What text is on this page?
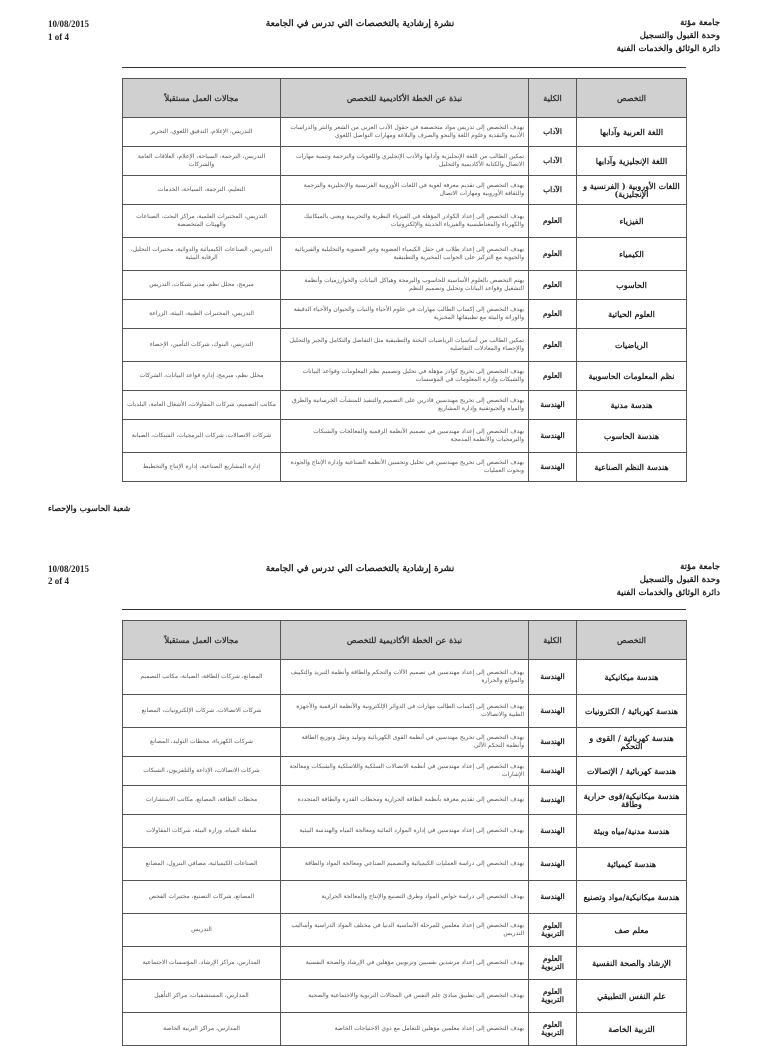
10/08/2015
1 of 4
نشرة إرشادية بالتخصصات التي تدرس في الجامعة	جامعة مؤتة
وحدة القبول والتسجيل
دائرة الوثائق والخدمات الفنية
التخصص	الكلية	نبذة عن الخطة الأكاديمية للتخصص	مجالات العمل مستقبلاً
اللغة العربية وآدابها	الآداب	يهدف التخصص إلى تدريس مواد متخصصة في حقول الأدب العربي من الشعر والنثر والدراسات الأدبية والنقدية وعلوم اللغة والنحو والصرف والبلاغة ومهارات التواصل اللغوي	التدريس، الإعلام، التدقيق اللغوي، التحرير
اللغة الإنجليزية وآدابها	الآداب	تمكين الطالب من اللغة الإنجليزية وآدابها والأدب الإنجليزي واللغويات والترجمة وتنمية مهارات الاتصال والكتابة الأكاديمية والتحليل	التدريس، الترجمة، السياحة، الإعلام، العلاقات العامة والشركات
اللغات الأوروبية ( الفرنسية و الإنجليزية)	الآداب	يهدف التخصص إلى تقديم معرفة لغوية في اللغات الأوروبية الفرنسية والإنجليزية والترجمة والثقافة الأوروبية ومهارات الاتصال	التعليم، الترجمة، السياحة، الخدمات
الفيزياء	العلوم	يهدف التخصص إلى إعداد الكوادر المؤهلة في الفيزياء النظرية والتجريبية ويعنى بالميكانيك والكهرباء والمغناطيسية والفيزياء الحديثة والإلكترونيات	التدريس، المختبرات العلمية، مراكز البحث، الصناعات والهيئات المتخصصة
الكيمياء	العلوم	يهدف التخصص إلى إعداد طلاب في حقل الكيمياء العضوية وغير العضوية والتحليلية والفيزيائية والحيوية مع التركيز على الجوانب المخبرية والتطبيقية	التدريس، الصناعات الكيميائية والدوائية، مختبرات التحليل، الرقابة البيئية
الحاسوب	العلوم	يهتم التخصص بالعلوم الأساسية للحاسوب والبرمجة وهياكل البيانات والخوارزميات وأنظمة التشغيل وقواعد البيانات وتحليل وتصميم النظم	مبرمج، محلل نظم، مدير شبكات، التدريس
العلوم الحياتية	العلوم	يهدف التخصص إلى إكساب الطالب مهارات في علوم الأحياء والنبات والحيوان والأحياء الدقيقة والوراثة والبيئة مع تطبيقاتها المخبرية	التدريس، المختبرات الطبية، البيئة، الزراعة
الرياضيات	العلوم	تمكين الطالب من أساسيات الرياضيات البحتة والتطبيقية مثل التفاضل والتكامل والجبر والتحليل والإحصاء والمعادلات التفاضلية	التدريس، البنوك، شركات التأمين، الإحصاء
نظم المعلومات الحاسوبية	العلوم	يهدف التخصص إلى تخريج كوادر مؤهلة في تحليل وتصميم نظم المعلومات وقواعد البيانات والشبكات وإدارة المعلومات في المؤسسات	محلل نظم، مبرمج، إدارة قواعد البيانات، الشركات
هندسة مدنية	الهندسة	يهدف التخصص إلى تخريج مهندسين قادرين على التصميم والتنفيذ للمنشآت الخرسانية والطرق والمياه والجيوتقنية وإدارة المشاريع	مكاتب التصميم، شركات المقاولات، الأشغال العامة، البلديات
هندسة الحاسوب	الهندسة	يهدف التخصص إلى إعداد مهندسين في تصميم الأنظمة الرقمية والمعالجات والشبكات والبرمجيات والأنظمة المدمجة	شركات الاتصالات، شركات البرمجيات، الشبكات، الصيانة
هندسة النظم الصناعية	الهندسة	يهدف التخصص إلى تخريج مهندسين في تحليل وتحسين الأنظمة الصناعية وإدارة الإنتاج والجودة وبحوث العمليات	إدارة المشاريع الصناعية، إدارة الإنتاج والتخطيط
شعبة الحاسوب والإحصاء
10/08/2015
2 of 4
نشرة إرشادية بالتخصصات التي تدرس في الجامعة	جامعة مؤتة
وحدة القبول والتسجيل
دائرة الوثائق والخدمات الفنية
التخصص	الكلية	نبذة عن الخطة الأكاديمية للتخصص	مجالات العمل مستقبلاً
هندسة ميكانيكية	الهندسة	يهدف التخصص إلى إعداد مهندسين في تصميم الآلات والتحكم والطاقة وأنظمة التبريد والتكييف والموائع والحرارة	المصانع، شركات الطاقة، الصيانة، مكاتب التصميم
هندسة كهربائية / الكترونيات	الهندسة	يهدف التخصص إلى إكساب الطالب مهارات في الدوائر الإلكترونية والأنظمة الرقمية والأجهزة الطبية والاتصالات	شركات الاتصالات، شركات الإلكترونيات، المصانع
هندسة كهربائية / القوى و التحكم	الهندسة	يهدف التخصص إلى تخريج مهندسين في أنظمة القوى الكهربائية وتوليد ونقل وتوزيع الطاقة وأنظمة التحكم الآلي	شركات الكهرباء، محطات التوليد، المصانع
هندسة كهربائية / الإتصالات	الهندسة	يهدف التخصص إلى إعداد مهندسين في أنظمة الاتصالات السلكية واللاسلكية والشبكات ومعالجة الإشارات	شركات الاتصالات، الإذاعة والتلفزيون، الشبكات
هندسة ميكانيكية/قوى حرارية وطاقة	الهندسة	يهدف التخصص إلى تقديم معرفة بأنظمة الطاقة الحرارية ومحطات القدرة والطاقة المتجددة	محطات الطاقة، المصانع، مكاتب الاستشارات
هندسة مدنية/مياه وبيئة	الهندسة	يهدف التخصص إلى إعداد مهندسين في إدارة الموارد المائية ومعالجة المياه والهندسة البيئية	سلطة المياه، وزارة البيئة، شركات المقاولات
هندسة كيميائية	الهندسة	يهدف التخصص إلى دراسة العمليات الكيميائية والتصميم الصناعي ومعالجة المواد والطاقة	الصناعات الكيميائية، مصافي البترول، المصانع
هندسة ميكانيكية/مواد وتصنيع	الهندسة	يهدف التخصص إلى دراسة خواص المواد وطرق التصنيع والإنتاج والمعالجة الحرارية	المصانع، شركات التصنيع، مختبرات الفحص
معلم صف	العلوم التربوية	يهدف التخصص إلى إعداد معلمين للمرحلة الأساسية الدنيا في مختلف المواد الدراسية وأساليب التدريس	التدريس
الإرشاد والصحة النفسية	العلوم التربوية	يهدف التخصص إلى إعداد مرشدين نفسيين وتربويين مؤهلين في الإرشاد والصحة النفسية	المدارس، مراكز الإرشاد، المؤسسات الاجتماعية
علم النفس التطبيقي	العلوم التربوية	يهدف التخصص إلى تطبيق مبادئ علم النفس في المجالات التربوية والاجتماعية والصحية	المدارس، المستشفيات، مراكز التأهيل
التربية الخاصة	العلوم التربوية	يهدف التخصص إلى إعداد معلمين مؤهلين للتعامل مع ذوي الاحتياجات الخاصة	المدارس، مراكز التربية الخاصة
